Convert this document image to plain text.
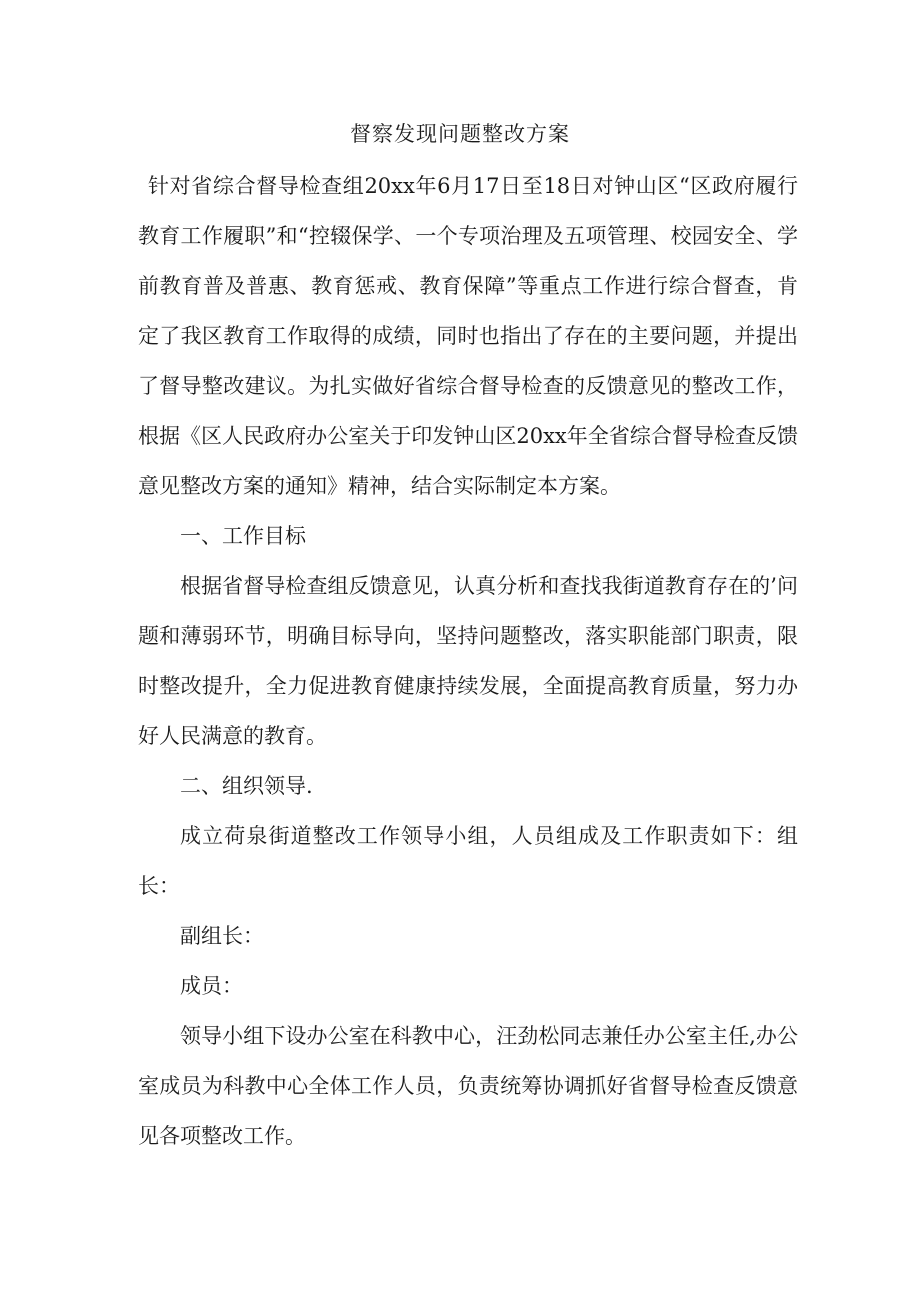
督察发现问题整改方案

针对省综合督导检查组20xx年6月17日至18日对钟山区“区政府履行教育工作履职”和“控辍保学、一个专项治理及五项管理、校园安全、学前教育普及普惠、教育惩戒、教育保障”等重点工作进行综合督查，肯定了我区教育工作取得的成绩，同时也指出了存在的主要问题，并提出了督导整改建议。为扎实做好省综合督导检查的反馈意见的整改工作，根据《区人民政府办公室关于印发钟山区20xx年全省综合督导检查反馈意见整改方案的通知》精神，结合实际制定本方案。

一、工作目标

根据省督导检查组反馈意见，认真分析和查找我街道教育存在的’问题和薄弱环节，明确目标导向，坚持问题整改，落实职能部门职责，限时整改提升，全力促进教育健康持续发展，全面提高教育质量，努力办好人民满意的教育。

二、组织领导.

成立荷泉街道整改工作领导小组，人员组成及工作职责如下：组长：

副组长：

成员：

领导小组下设办公室在科教中心，汪劲松同志兼任办公室主任,办公室成员为科教中心全体工作人员，负责统筹协调抓好省督导检查反馈意见各项整改工作。
